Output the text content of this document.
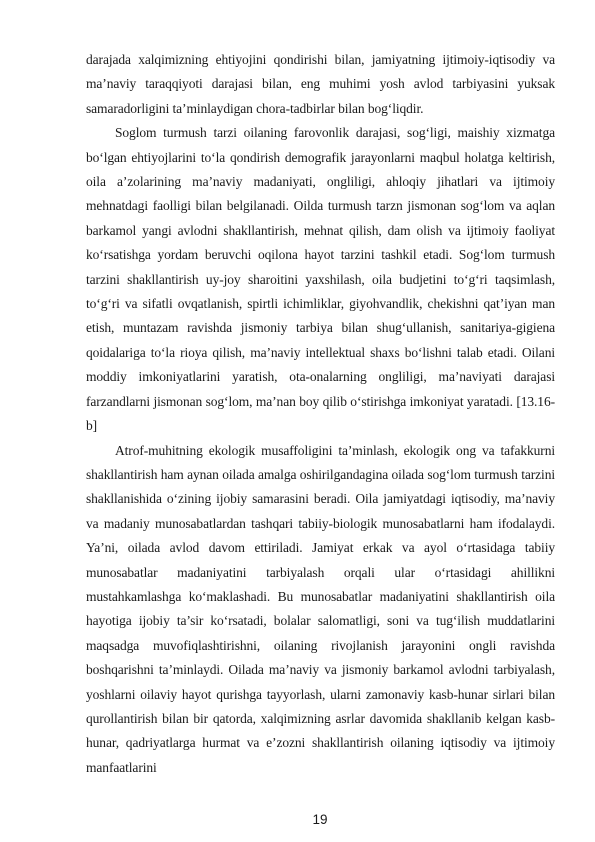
darajada xalqimizning ehtiyojini qondirishi bilan, jamiyatning ijtimoiy-iqtisodiy va ma’naviy taraqqiyoti darajasi bilan, eng muhimi yosh avlod tarbiyasini yuksak samaradorligini ta’minlaydigan chora-tadbirlar bilan bog‘liqdir.

Soglom turmush tarzi oilaning farovonlik darajasi, sog‘ligi, maishiy xizmatga bo‘lgan ehtiyojlarini to‘la qondirish demografik jarayonlarni maqbul holatga keltirish, oila a’zolarining ma’naviy madaniyati, ongliligi, ahloqiy jihatlari va ijtimoiy mehnatdagi faolligi bilan belgilanadi. Oilda turmush tarzn jismonan sog‘lom va aqlan barkamol yangi avlodni shakllantirish, mehnat qilish, dam olish va ijtimoiy faoliyat ko‘rsatishga yordam beruvchi oqilona hayot tarzini tashkil etadi. Sog‘lom turmush tarzini shakllantirish uy-joy sharoitini yaxshilash, oila budjetini to‘g‘ri taqsimlash, to‘g‘ri va sifatli ovqatlanish, spirtli ichimliklar, giyohvandlik, chekishni qat’iyan man etish, muntazam ravishda jismoniy tarbiya bilan shug‘ullanish, sanitariya-gigiena qoidalariga to‘la rioya qilish, ma’naviy intellektual shaxs bo‘lishni talab etadi. Oilani moddiy imkoniyatlarini yaratish, ota-onalarning ongliligi, ma’naviyati darajasi farzandlarni jismonan sog‘lom, ma’nan boy qilib o‘stirishga imkoniyat yaratadi. [13.16-b]

Atrof-muhitning ekologik musaffoligini ta’minlash, ekologik ong va tafakkurni shakllantirish ham aynan oilada amalga oshirilgandagina oilada sog‘lom turmush tarzini shakllanishida o‘zining ijobiy samarasini beradi. Oila jamiyatdagi iqtisodiy, ma’naviy va madaniy munosabatlardan tashqari tabiiy-biologik munosabatlarni ham ifodalaydi. Ya’ni, oilada avlod davom ettiriladi. Jamiyat erkak va ayol o‘rtasidaga tabiiy munosabatlar madaniyatini tarbiyalash orqali ular o‘rtasidagi ahillikni mustahkamlashga ko‘maklashadi. Bu munosabatlar madaniyatini shakllantirish oila hayotiga ijobiy ta’sir ko‘rsatadi, bolalar salomatligi, soni va tug‘ilish muddatlarini maqsadga muvofiqlashtirishni, oilaning rivojlanish jarayonini ongli ravishda boshqarishni ta’minlaydi. Oilada ma’naviy va jismoniy barkamol avlodni tarbiyalash, yoshlarni oilaviy hayot qurishga tayyorlash, ularni zamonaviy kasb-hunar sirlari bilan qurollantirish bilan bir qatorda, xalqimizning asrlar davomida shakllanib kelgan kasb-hunar, qadriyatlarga hurmat va e’zozni shakllantirish oilaning iqtisodiy va ijtimoiy manfaatlarini

19
